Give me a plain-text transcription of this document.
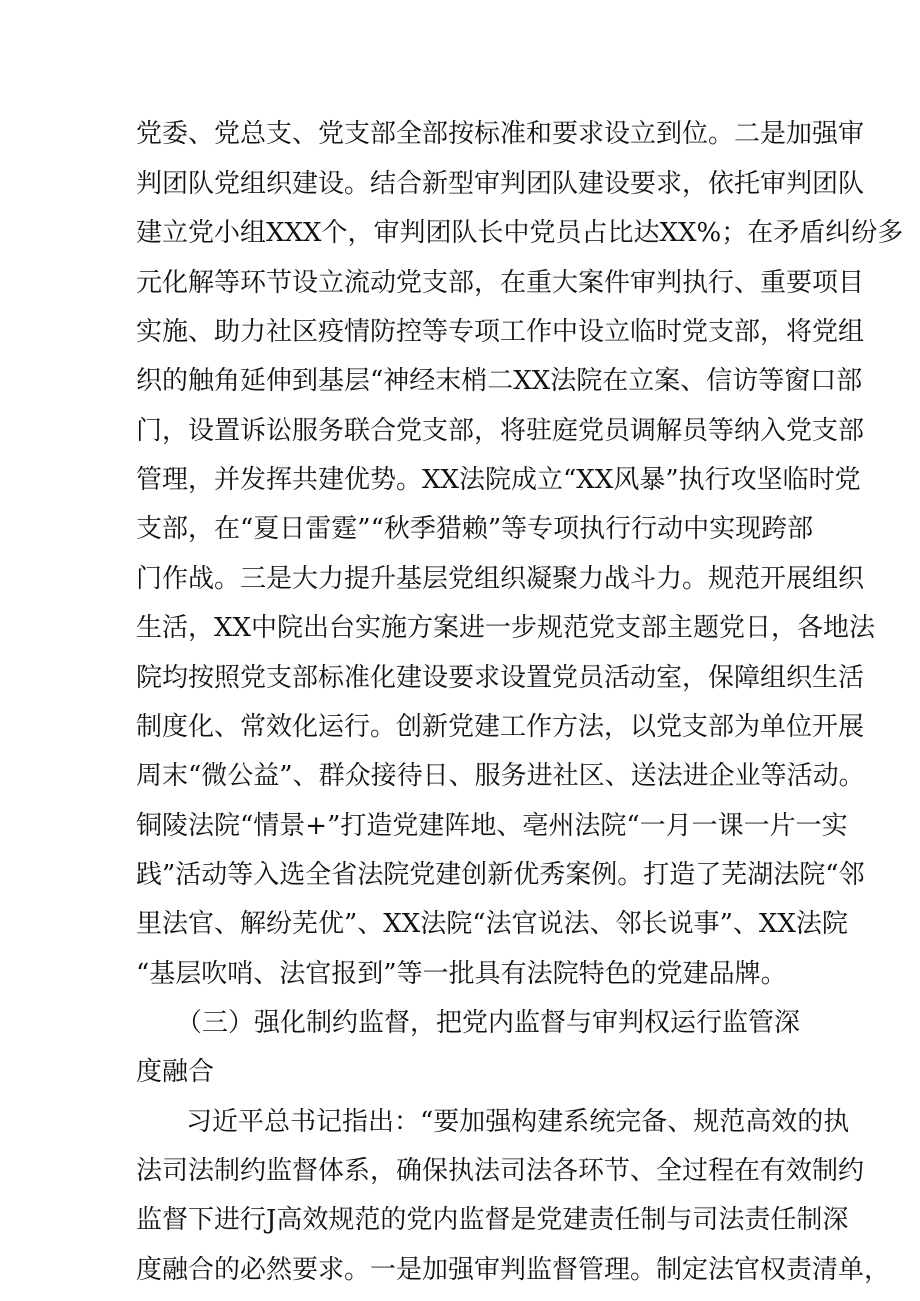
党委、党总支、党支部全部按标准和要求设立到位。二是加强审
判团队党组织建设。结合新型审判团队建设要求，依托审判团队
建立党小组XXX个，审判团队长中党员占比达XX%；在矛盾纠纷多
元化解等环节设立流动党支部，在重大案件审判执行、重要项目
实施、助力社区疫情防控等专项工作中设立临时党支部，将党组
织的触角延伸到基层“神经末梢二XX法院在立案、信访等窗口部
门，设置诉讼服务联合党支部，将驻庭党员调解员等纳入党支部
管理，并发挥共建优势。XX法院成立“XX风暴”执行攻坚临时党
支部，在“夏日雷霆”“秋季猎赖”等专项执行行动中实现跨部
门作战。三是大力提升基层党组织凝聚力战斗力。规范开展组织
生活，XX中院出台实施方案进一步规范党支部主题党日，各地法
院均按照党支部标准化建设要求设置党员活动室，保障组织生活
制度化、常效化运行。创新党建工作方法，以党支部为单位开展
周末“微公益”、群众接待日、服务进社区、送法进企业等活动。
铜陵法院“情景+”打造党建阵地、亳州法院“一月一课一片一实
践”活动等入选全省法院党建创新优秀案例。打造了芜湖法院“邻
里法官、解纷芜优”、XX法院“法官说法、邻长说事”、XX法院
“基层吹哨、法官报到”等一批具有法院特色的党建品牌。
（三）强化制约监督，把党内监督与审判权运行监管深
度融合
习近平总书记指出：“要加强构建系统完备、规范高效的执
法司法制约监督体系，确保执法司法各环节、全过程在有效制约
监督下进行J高效规范的党内监督是党建责任制与司法责任制深
度融合的必然要求。一是加强审判监督管理。制定法官权责清单，
